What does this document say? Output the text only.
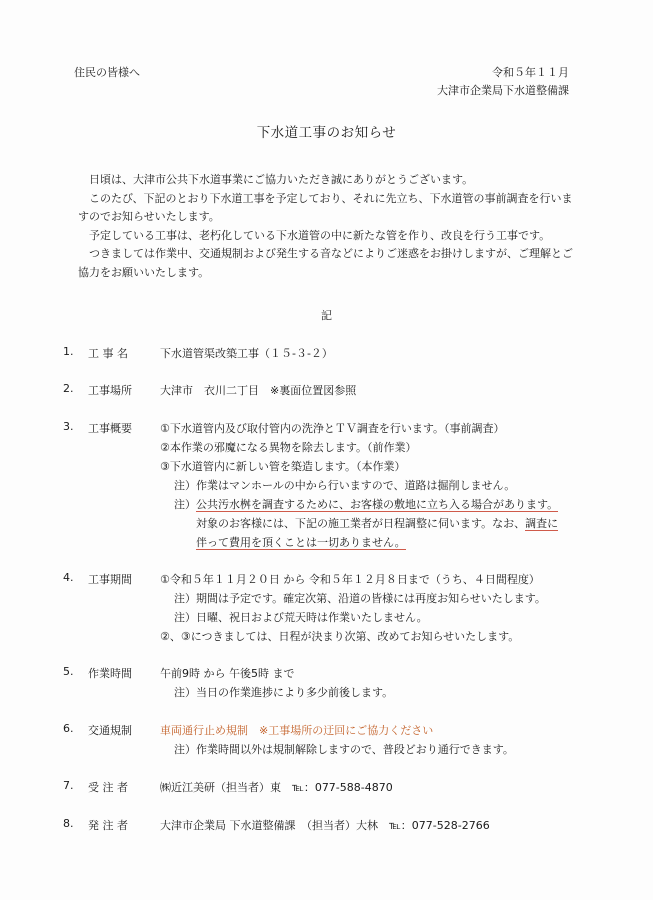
住民の皆様へ	令和５年１１月
大津市企業局下水道整備課
下水道工事のお知らせ

日頃は、大津市公共下水道事業にご協力いただき誠にありがとうございます。

このたび、下記のとおり下水道工事を予定しており、それに先立ち、下水道管の事前調査を行いますのでお知らせいたします。

予定している工事は、老朽化している下水道管の中に新たな管を作り、改良を行う工事です。

つきましては作業中、交通規制および発生する音などによりご迷惑をお掛けしますが、ご理解とご協力をお願いいたします。

記
1. 工 事 名	下水道管渠改築工事（１５-３-２）
2. 工事場所	大津市　衣川二丁目　※裏面位置図参照
3. 工事概要	①下水道管内及び取付管内の洗浄とＴＶ調査を行います。（事前調査）
②本作業の邪魔になる異物を除去します。（前作業）
③下水道管内に新しい管を築造します。（本作業）
注）作業はマンホールの中から行いますので、道路は掘削しません。
注）公共汚水桝を調査するために、お客様の敷地に立ち入る場合があります。
対象のお客様には、下記の施工業者が日程調整に伺います。なお、調査に
伴って費用を頂くことは一切ありません。
4. 工事期間	①令和５年１１月２０日 から 令和５年１２月８日まで（うち、４日間程度）
注）期間は予定です。確定次第、沿道の皆様には再度お知らせいたします。
注）日曜、祝日および荒天時は作業いたしません。
②、③につきましては、日程が決まり次第、改めてお知らせいたします。
5. 作業時間	午前9時 から 午後5時 まで
注）当日の作業進捗により多少前後します。
6. 交通規制	車両通行止め規制　※工事場所の迂回にご協力ください
注）作業時間以外は規制解除しますので、普段どおり通行できます。
7. 受 注 者	㈱近江美研（担当者）東　℡：077-588-4870
8. 発 注 者	大津市企業局 下水道整備課　（担当者）大林　℡：077-528-2766
